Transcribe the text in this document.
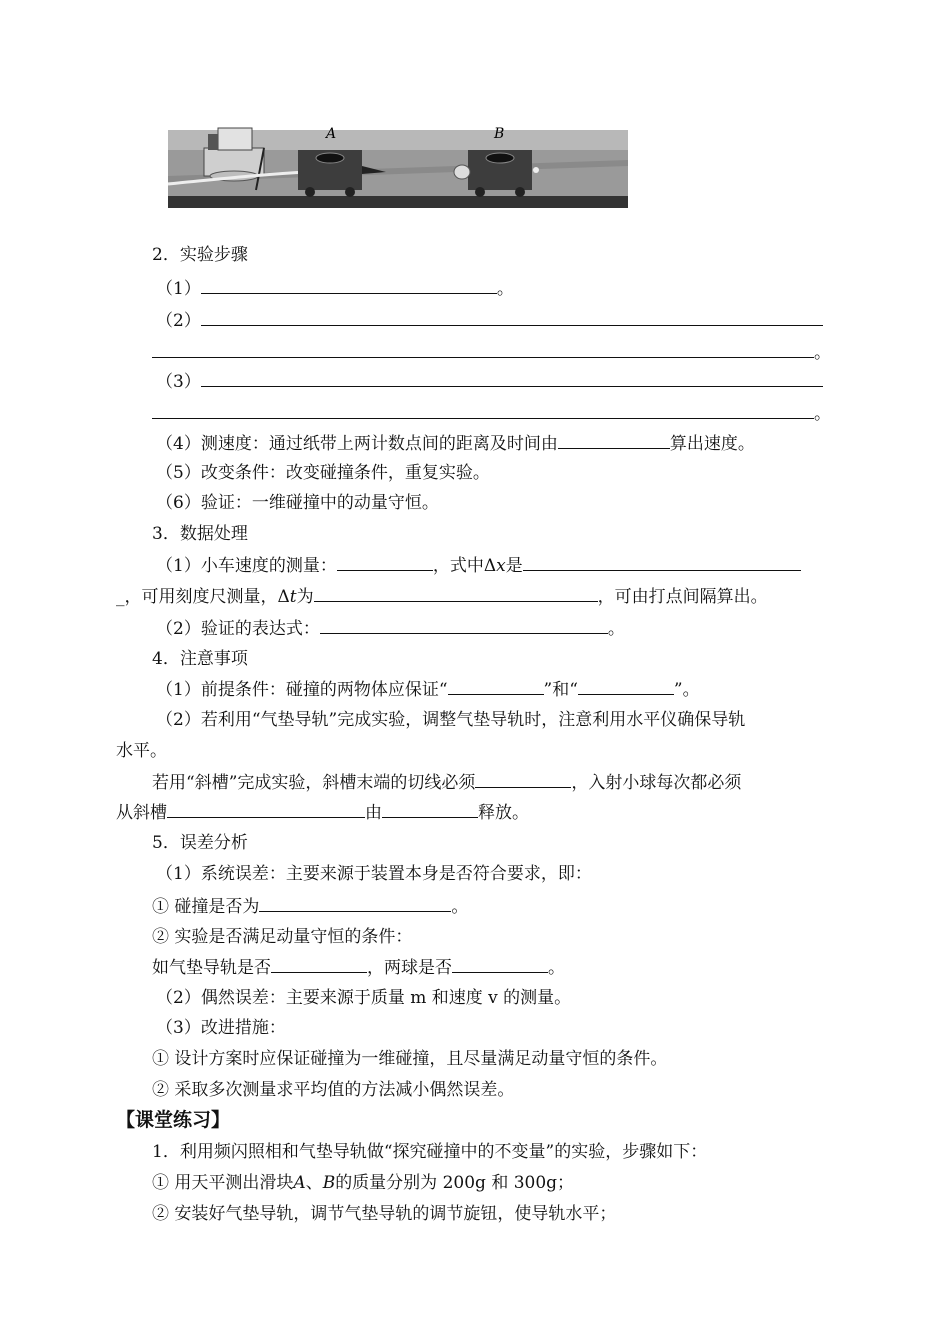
A	B
2．实验步骤
（1）	。
（2）
。
（3）
。
（4）测速度：通过纸带上两计数点间的距离及时间由	算出速度。
（5）改变条件：改变碰撞条件，重复实验。
（6）验证：一维碰撞中的动量守恒。
3．数据处理
（1）小车速度的测量：	，式中Δx是
_，可用刻度尺测量，Δt为	，可由打点间隔算出。
（2）验证的表达式：	。
4．注意事项
（1）前提条件：碰撞的两物体应保证“	”和“	”。
（2）若利用“气垫导轨”完成实验，调整气垫导轨时，注意利用水平仪确保导轨
水平。
若用“斜槽”完成实验，斜槽末端的切线必须	，入射小球每次都必须
从斜槽	由	释放。
5．误差分析
（1）系统误差：主要来源于装置本身是否符合要求，即：
① 碰撞是否为	。
② 实验是否满足动量守恒的条件：
如气垫导轨是否	，两球是否	。
（2）偶然误差：主要来源于质量 m 和速度 v 的测量。
（3）改进措施：
① 设计方案时应保证碰撞为一维碰撞，且尽量满足动量守恒的条件。
② 采取多次测量求平均值的方法减小偶然误差。
【课堂练习】
1．利用频闪照相和气垫导轨做“探究碰撞中的不变量”的实验，步骤如下：
① 用天平测出滑块A、B的质量分别为 200g 和 300g；
② 安装好气垫导轨，调节气垫导轨的调节旋钮，使导轨水平；
